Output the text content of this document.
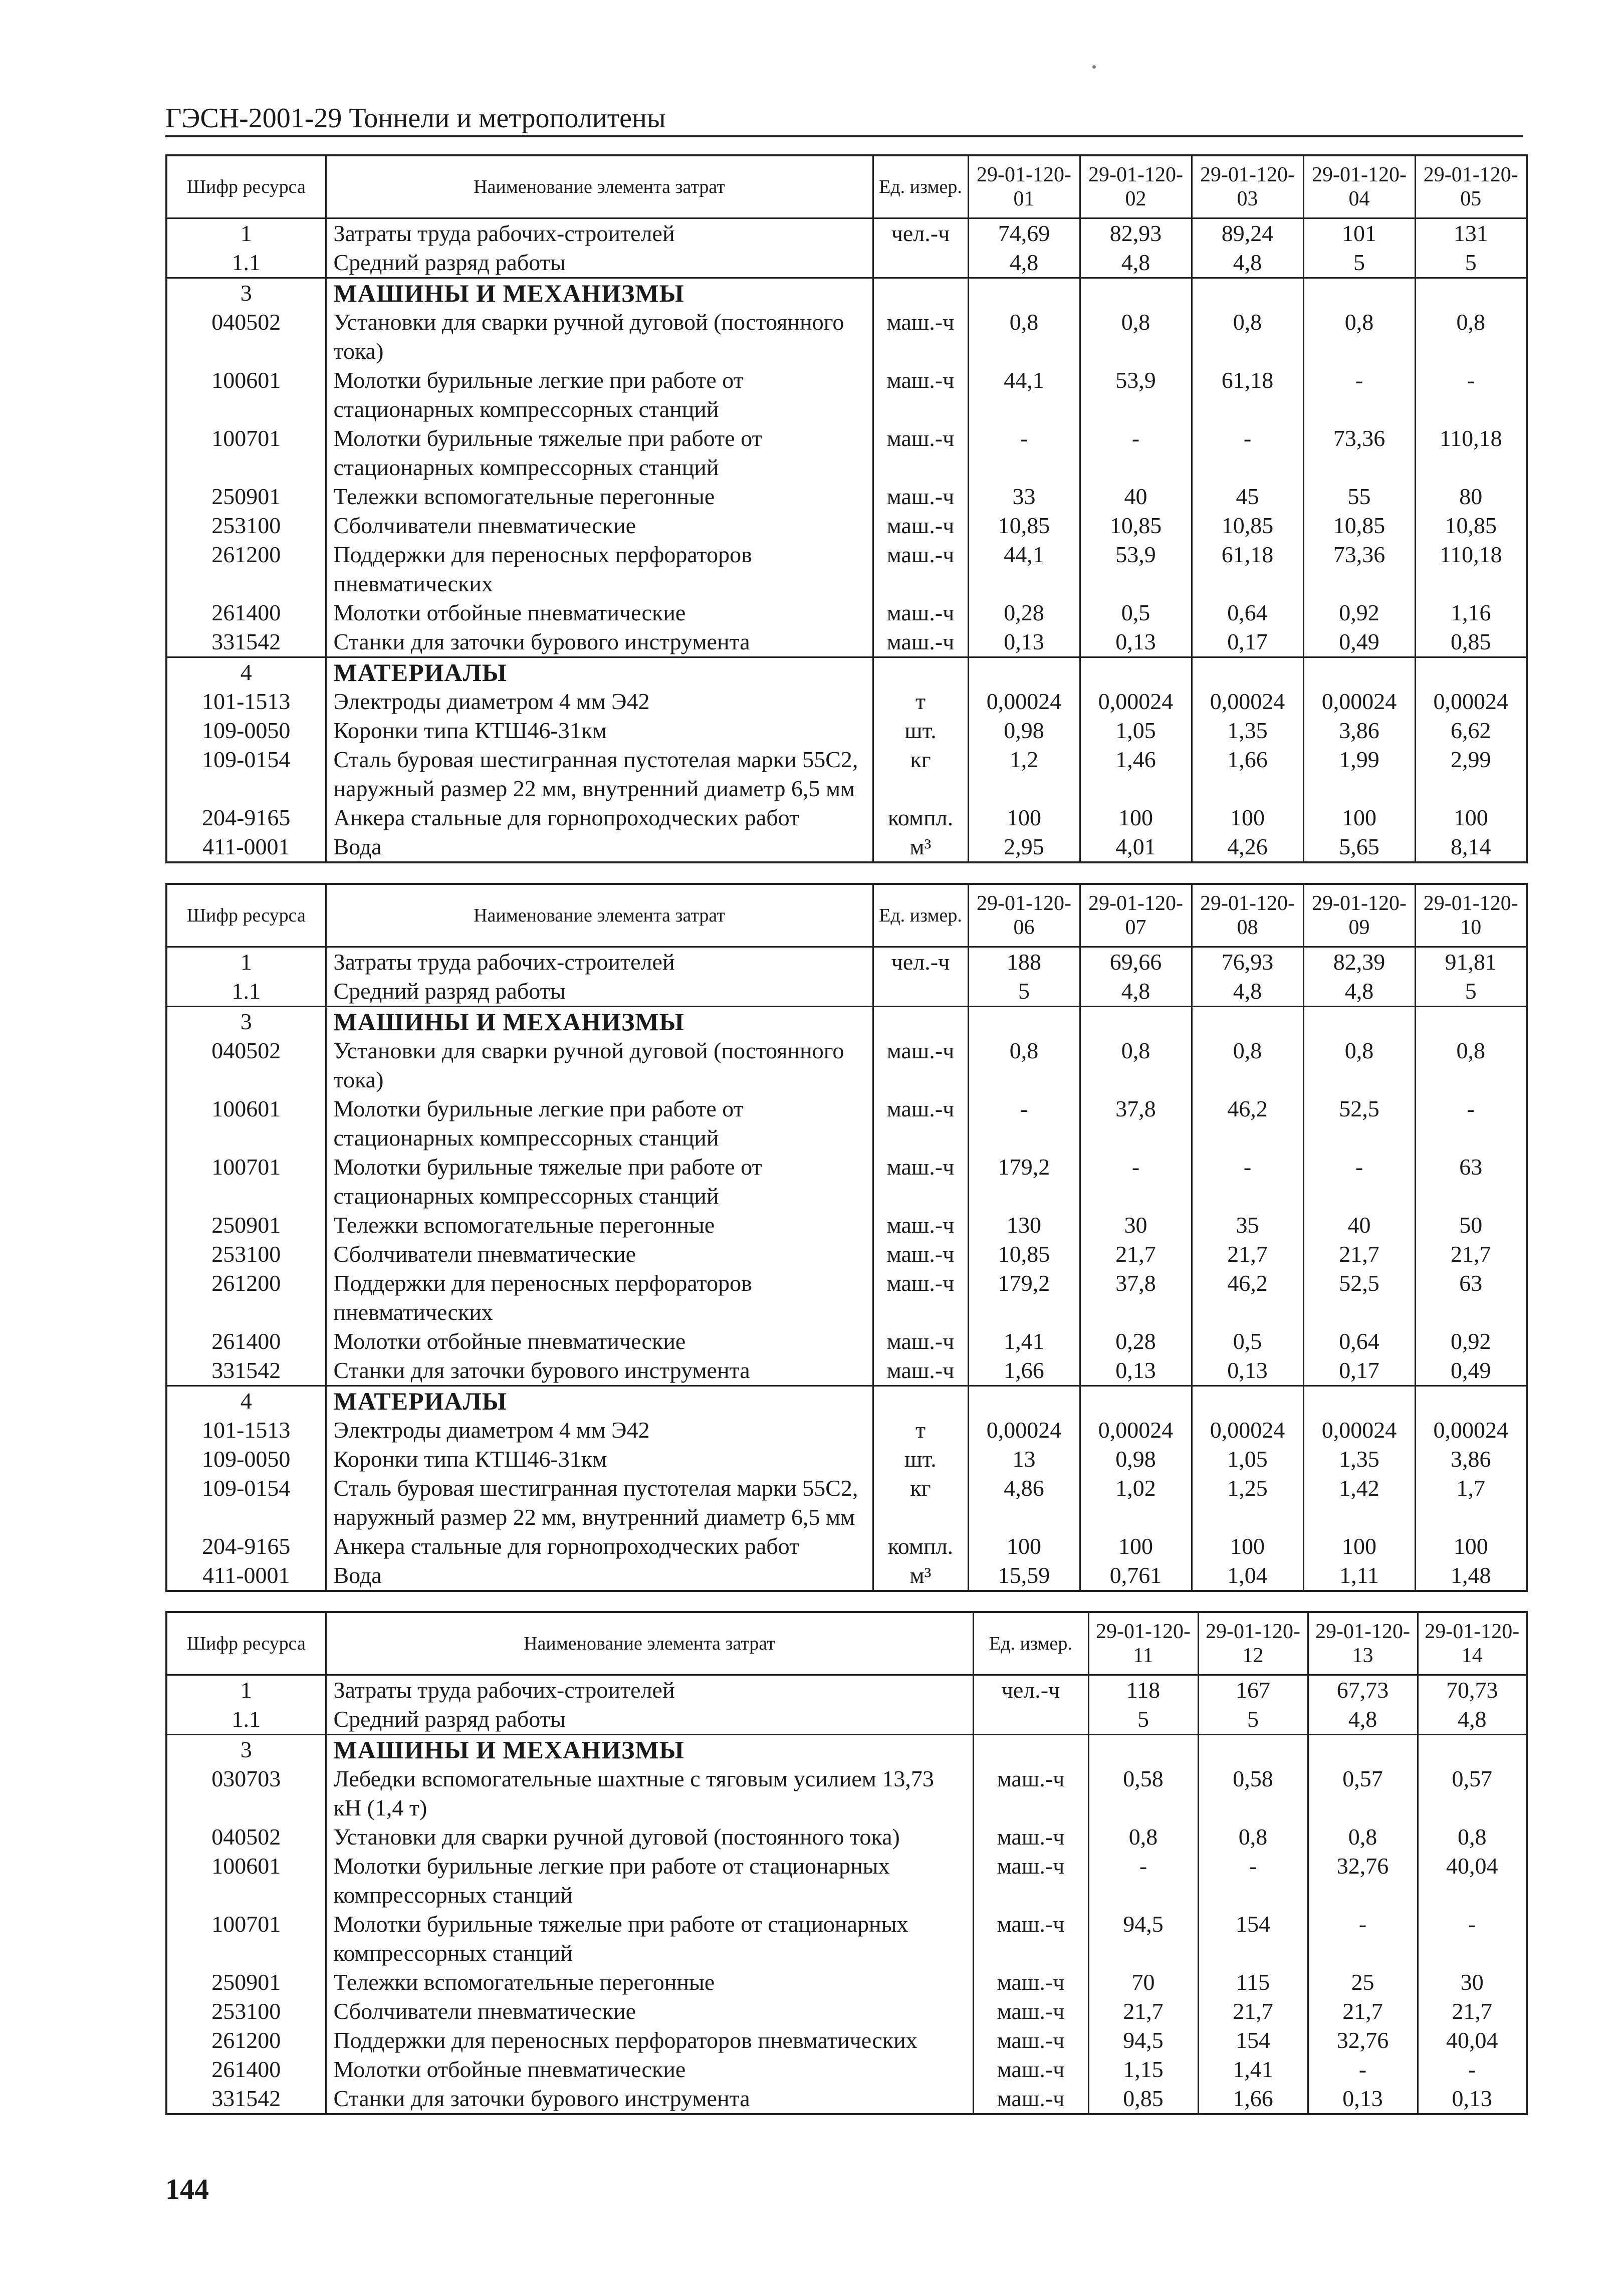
ГЭСН-2001-29 Тоннели и метрополитены
Шифр ресурса	Наименование элемента затрат	Ед. измер.	29-01-120-01	29-01-120-02	29-01-120-03	29-01-120-04	29-01-120-05
1	Затраты труда рабочих-строителей	чел.-ч	74,69	82,93	89,24	101	131
1.1	Средний разряд работы		4,8	4,8	4,8	5	5
3	МАШИНЫ И МЕХАНИЗМЫ						
040502	Установки для сварки ручной дуговой (постоянного тока)	маш.-ч	0,8	0,8	0,8	0,8	0,8
100601	Молотки бурильные легкие при работе от стационарных компрессорных станций	маш.-ч	44,1	53,9	61,18	-	-
100701	Молотки бурильные тяжелые при работе от стационарных компрессорных станций	маш.-ч	-	-	-	73,36	110,18
250901	Тележки вспомогательные перегонные	маш.-ч	33	40	45	55	80
253100	Сболчиватели пневматические	маш.-ч	10,85	10,85	10,85	10,85	10,85
261200	Поддержки для переносных перфораторов пневматических	маш.-ч	44,1	53,9	61,18	73,36	110,18
261400	Молотки отбойные пневматические	маш.-ч	0,28	0,5	0,64	0,92	1,16
331542	Станки для заточки бурового инструмента	маш.-ч	0,13	0,13	0,17	0,49	0,85
4	МАТЕРИАЛЫ						
101-1513	Электроды диаметром 4 мм Э42	т	0,00024	0,00024	0,00024	0,00024	0,00024
109-0050	Коронки типа КТШ46-31км	шт.	0,98	1,05	1,35	3,86	6,62
109-0154	Сталь буровая шестигранная пустотелая марки 55С2, наружный размер 22 мм, внутренний диаметр 6,5 мм	кг	1,2	1,46	1,66	1,99	2,99
204-9165	Анкера стальные для горнопроходческих работ	компл.	100	100	100	100	100
411-0001	Вода	м³	2,95	4,01	4,26	5,65	8,14
Шифр ресурса	Наименование элемента затрат	Ед. измер.	29-01-120-06	29-01-120-07	29-01-120-08	29-01-120-09	29-01-120-10
1	Затраты труда рабочих-строителей	чел.-ч	188	69,66	76,93	82,39	91,81
1.1	Средний разряд работы		5	4,8	4,8	4,8	5
3	МАШИНЫ И МЕХАНИЗМЫ						
040502	Установки для сварки ручной дуговой (постоянного тока)	маш.-ч	0,8	0,8	0,8	0,8	0,8
100601	Молотки бурильные легкие при работе от стационарных компрессорных станций	маш.-ч	-	37,8	46,2	52,5	-
100701	Молотки бурильные тяжелые при работе от стационарных компрессорных станций	маш.-ч	179,2	-	-	-	63
250901	Тележки вспомогательные перегонные	маш.-ч	130	30	35	40	50
253100	Сболчиватели пневматические	маш.-ч	10,85	21,7	21,7	21,7	21,7
261200	Поддержки для переносных перфораторов пневматических	маш.-ч	179,2	37,8	46,2	52,5	63
261400	Молотки отбойные пневматические	маш.-ч	1,41	0,28	0,5	0,64	0,92
331542	Станки для заточки бурового инструмента	маш.-ч	1,66	0,13	0,13	0,17	0,49
4	МАТЕРИАЛЫ						
101-1513	Электроды диаметром 4 мм Э42	т	0,00024	0,00024	0,00024	0,00024	0,00024
109-0050	Коронки типа КТШ46-31км	шт.	13	0,98	1,05	1,35	3,86
109-0154	Сталь буровая шестигранная пустотелая марки 55С2, наружный размер 22 мм, внутренний диаметр 6,5 мм	кг	4,86	1,02	1,25	1,42	1,7
204-9165	Анкера стальные для горнопроходческих работ	компл.	100	100	100	100	100
411-0001	Вода	м³	15,59	0,761	1,04	1,11	1,48
Шифр ресурса	Наименование элемента затрат	Ед. измер.	29-01-120-11	29-01-120-12	29-01-120-13	29-01-120-14
1	Затраты труда рабочих-строителей	чел.-ч	118	167	67,73	70,73
1.1	Средний разряд работы		5	5	4,8	4,8
3	МАШИНЫ И МЕХАНИЗМЫ					
030703	Лебедки вспомогательные шахтные с тяговым усилием 13,73 кН (1,4 т)	маш.-ч	0,58	0,58	0,57	0,57
040502	Установки для сварки ручной дуговой (постоянного тока)	маш.-ч	0,8	0,8	0,8	0,8
100601	Молотки бурильные легкие при работе от стационарных компрессорных станций	маш.-ч	-	-	32,76	40,04
100701	Молотки бурильные тяжелые при работе от стационарных компрессорных станций	маш.-ч	94,5	154	-	-
250901	Тележки вспомогательные перегонные	маш.-ч	70	115	25	30
253100	Сболчиватели пневматические	маш.-ч	21,7	21,7	21,7	21,7
261200	Поддержки для переносных перфораторов пневматических	маш.-ч	94,5	154	32,76	40,04
261400	Молотки отбойные пневматические	маш.-ч	1,15	1,41	-	-
331542	Станки для заточки бурового инструмента	маш.-ч	0,85	1,66	0,13	0,13
144
